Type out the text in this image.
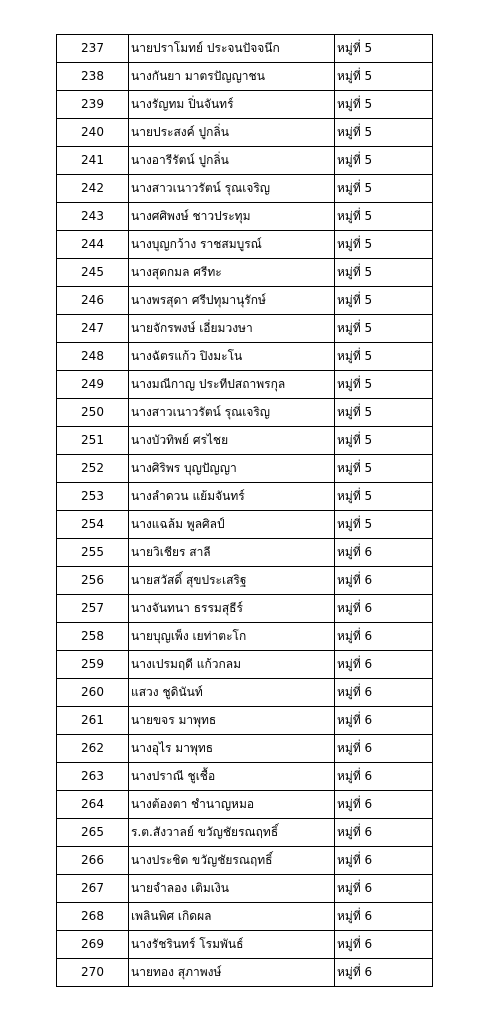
237	นายปราโมทย์ ประจนปัจจนึก	หมู่ที่ 5
238	นางกันยา มาตรปัญญาชน	หมู่ที่ 5
239	นางรัญทม ปิ่นจันทร์	หมู่ที่ 5
240	นายประสงค์ ปูกลิ่น	หมู่ที่ 5
241	นางอารีรัตน์ ปูกลิ่น	หมู่ที่ 5
242	นางสาวเนาวรัตน์ รุณเจริญ	หมู่ที่ 5
243	นางศศิพงษ์ ชาวประทุม	หมู่ที่ 5
244	นางบุญกว้าง ราชสมบูรณ์	หมู่ที่ 5
245	นางสุดกมล ศรีทะ	หมู่ที่ 5
246	นางพรสุดา ศรีปทุมานุรักษ์	หมู่ที่ 5
247	นายจักรพงษ์ เอี่ยมวงษา	หมู่ที่ 5
248	นางฉัตรแก้ว ปิงมะโน	หมู่ที่ 5
249	นางมณีกาญ ประทีปสถาพรกุล	หมู่ที่ 5
250	นางสาวเนาวรัตน์ รุณเจริญ	หมู่ที่ 5
251	นางบัวทิพย์ ศรไชย	หมู่ที่ 5
252	นางศิริพร บุญปัญญา	หมู่ที่ 5
253	นางลำดวน แย้มจันทร์	หมู่ที่ 5
254	นางแฉล้ม พูลศิลป์	หมู่ที่ 5
255	นายวิเชียร สาลี	หมู่ที่ 6
256	นายสวัสดิ์ สุขประเสริฐ	หมู่ที่ 6
257	นางจันทนา ธรรมสุธีร์	หมู่ที่ 6
258	นายบุญเพ็ง เยท่าตะโก	หมู่ที่ 6
259	นางเปรมฤดี แก้วกลม	หมู่ที่ 6
260	แสวง ชูดินันท์	หมู่ที่ 6
261	นายขจร มาพุทธ	หมู่ที่ 6
262	นางอุไร มาพุทธ	หมู่ที่ 6
263	นางปราณี ชูเชื้อ	หมู่ที่ 6
264	นางต้องตา ชำนาญหมอ	หมู่ที่ 6
265	ร.ต.สังวาลย์ ขวัญชัยรณฤทธิ์	หมู่ที่ 6
266	นางประชิด ขวัญชัยรณฤทธิ์	หมู่ที่ 6
267	นายจำลอง เติมเงิน	หมู่ที่ 6
268	เพลินพิศ เกิดผล	หมู่ที่ 6
269	นางรัชรินทร์ โรมพันธ์	หมู่ที่ 6
270	นายทอง สุภาพงษ์	หมู่ที่ 6
